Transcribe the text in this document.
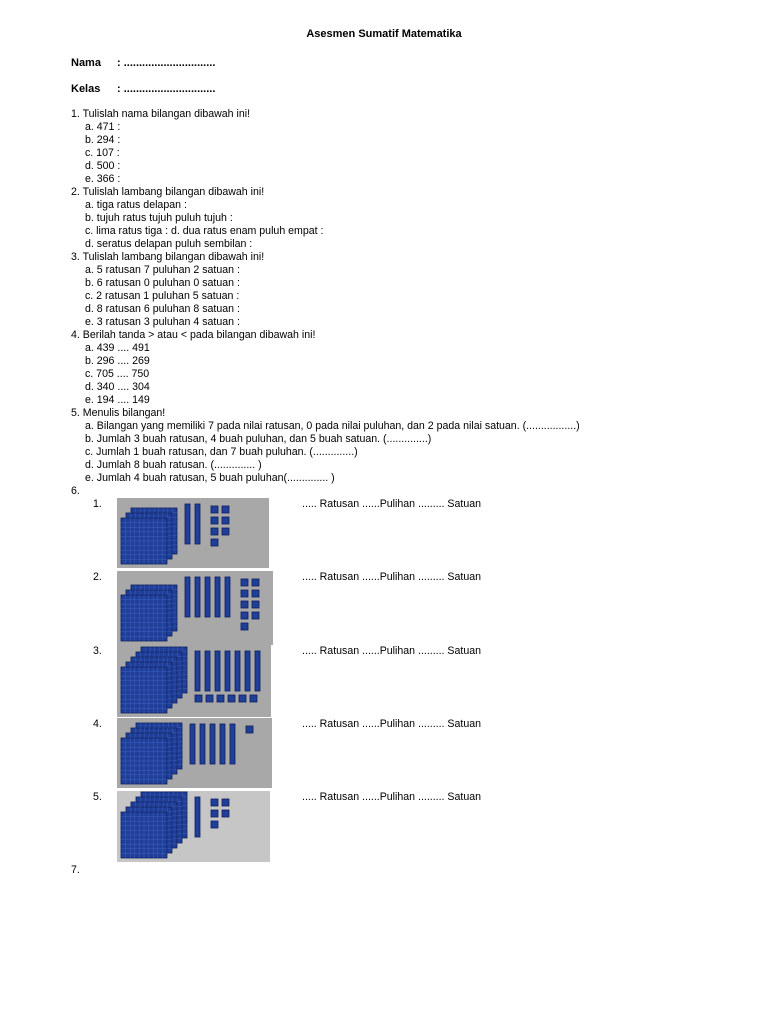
Asesmen Sumatif Matematika
Nama : ..............................
Kelas : ..............................
1. Tulislah nama bilangan dibawah ini!
a. 471 :
b. 294 :
c. 107 :
d. 500 :
e. 366 :
2. Tulislah lambang bilangan dibawah ini!
a. tiga ratus delapan :
b. tujuh ratus tujuh puluh tujuh :
c. lima ratus tiga : d. dua ratus enam puluh empat :
d. seratus delapan puluh sembilan :
3. Tulislah lambang bilangan dibawah ini!
a. 5 ratusan 7 puluhan 2 satuan :
b. 6 ratusan 0 puluhan 0 satuan :
c. 2 ratusan 1 puluhan 5 satuan :
d. 8 ratusan 6 puluhan 8 satuan :
e. 3 ratusan 3 puluhan 4 satuan :
4. Berilah tanda > atau < pada bilangan dibawah ini!
a. 439 .... 491
b. 296 .... 269
c. 705 .... 750
d. 340 .... 304
e. 194 .... 149
5. Menulis bilangan!
a. Bilangan yang memiliki 7 pada nilai ratusan, 0 pada nilai puluhan, dan 2 pada nilai satuan. (.................)
b. Jumlah 3 buah ratusan, 4 buah puluhan, dan 5 buah satuan. (..............)
c. Jumlah 1 buah ratusan, dan 7 buah puluhan. (..............)
d. Jumlah 8 buah ratusan. (.............. )
e. Jumlah 4 buah ratusan, 5 buah puluhan(.............. )
6.
1.	..... Ratusan ......Pulihan ......... Satuan
2.	..... Ratusan ......Pulihan ......... Satuan
3.	..... Ratusan ......Pulihan ......... Satuan
4.	..... Ratusan ......Pulihan ......... Satuan
5.	..... Ratusan ......Pulihan ......... Satuan
7.
